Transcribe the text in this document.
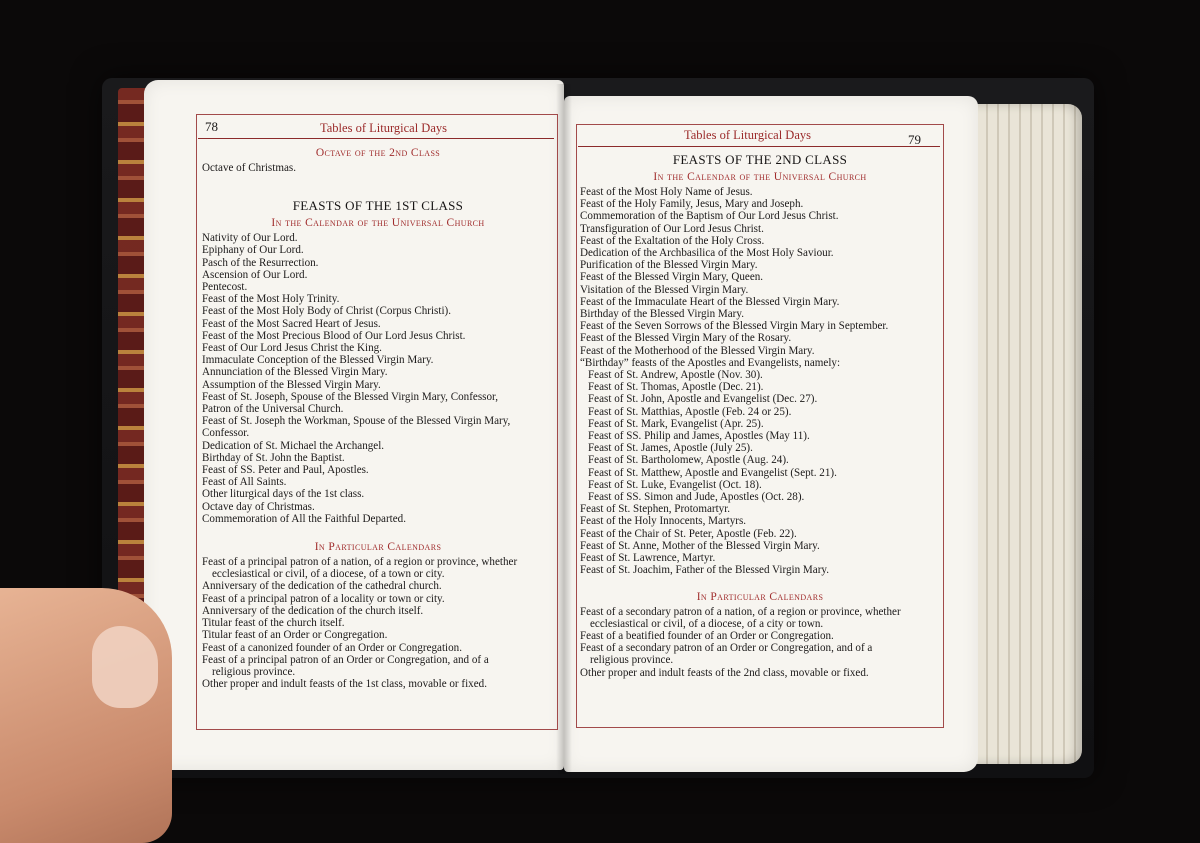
78	Tables of Liturgical Days
Octave of the 2nd Class
Octave of Christmas.
FEASTS OF THE 1ST CLASS
In the Calendar of the Universal Church
Nativity of Our Lord.
Epiphany of Our Lord.
Pasch of the Resurrection.
Ascension of Our Lord.
Pentecost.
Feast of the Most Holy Trinity.
Feast of the Most Holy Body of Christ (Corpus Christi).
Feast of the Most Sacred Heart of Jesus.
Feast of the Most Precious Blood of Our Lord Jesus Christ.
Feast of Our Lord Jesus Christ the King.
Immaculate Conception of the Blessed Virgin Mary.
Annunciation of the Blessed Virgin Mary.
Assumption of the Blessed Virgin Mary.
Feast of St. Joseph, Spouse of the Blessed Virgin Mary, Confessor,
Patron of the Universal Church.
Feast of St. Joseph the Workman, Spouse of the Blessed Virgin Mary,
Confessor.
Dedication of St. Michael the Archangel.
Birthday of St. John the Baptist.
Feast of SS. Peter and Paul, Apostles.
Feast of All Saints.
Other liturgical days of the 1st class.
Octave day of Christmas.
Commemoration of All the Faithful Departed.
In Particular Calendars
Feast of a principal patron of a nation, of a region or province, whether
ecclesiastical or civil, of a diocese, of a town or city.
Anniversary of the dedication of the cathedral church.
Feast of a principal patron of a locality or town or city.
Anniversary of the dedication of the church itself.
Titular feast of the church itself.
Titular feast of an Order or Congregation.
Feast of a canonized founder of an Order or Congregation.
Feast of a principal patron of an Order or Congregation, and of a
religious province.
Other proper and indult feasts of the 1st class, movable or fixed.
Tables of Liturgical Days	79
FEASTS OF THE 2ND CLASS
In the Calendar of the Universal Church
Feast of the Most Holy Name of Jesus.
Feast of the Holy Family, Jesus, Mary and Joseph.
Commemoration of the Baptism of Our Lord Jesus Christ.
Transfiguration of Our Lord Jesus Christ.
Feast of the Exaltation of the Holy Cross.
Dedication of the Archbasilica of the Most Holy Saviour.
Purification of the Blessed Virgin Mary.
Feast of the Blessed Virgin Mary, Queen.
Visitation of the Blessed Virgin Mary.
Feast of the Immaculate Heart of the Blessed Virgin Mary.
Birthday of the Blessed Virgin Mary.
Feast of the Seven Sorrows of the Blessed Virgin Mary in September.
Feast of the Blessed Virgin Mary of the Rosary.
Feast of the Motherhood of the Blessed Virgin Mary.
“Birthday” feasts of the Apostles and Evangelists, namely:
Feast of St. Andrew, Apostle (Nov. 30).
Feast of St. Thomas, Apostle (Dec. 21).
Feast of St. John, Apostle and Evangelist (Dec. 27).
Feast of St. Matthias, Apostle (Feb. 24 or 25).
Feast of St. Mark, Evangelist (Apr. 25).
Feast of SS. Philip and James, Apostles (May 11).
Feast of St. James, Apostle (July 25).
Feast of St. Bartholomew, Apostle (Aug. 24).
Feast of St. Matthew, Apostle and Evangelist (Sept. 21).
Feast of St. Luke, Evangelist (Oct. 18).
Feast of SS. Simon and Jude, Apostles (Oct. 28).
Feast of St. Stephen, Protomartyr.
Feast of the Holy Innocents, Martyrs.
Feast of the Chair of St. Peter, Apostle (Feb. 22).
Feast of St. Anne, Mother of the Blessed Virgin Mary.
Feast of St. Lawrence, Martyr.
Feast of St. Joachim, Father of the Blessed Virgin Mary.
In Particular Calendars
Feast of a secondary patron of a nation, of a region or province, whether
ecclesiastical or civil, of a diocese, of a city or town.
Feast of a beatified founder of an Order or Congregation.
Feast of a secondary patron of an Order or Congregation, and of a
religious province.
Other proper and indult feasts of the 2nd class, movable or fixed.
